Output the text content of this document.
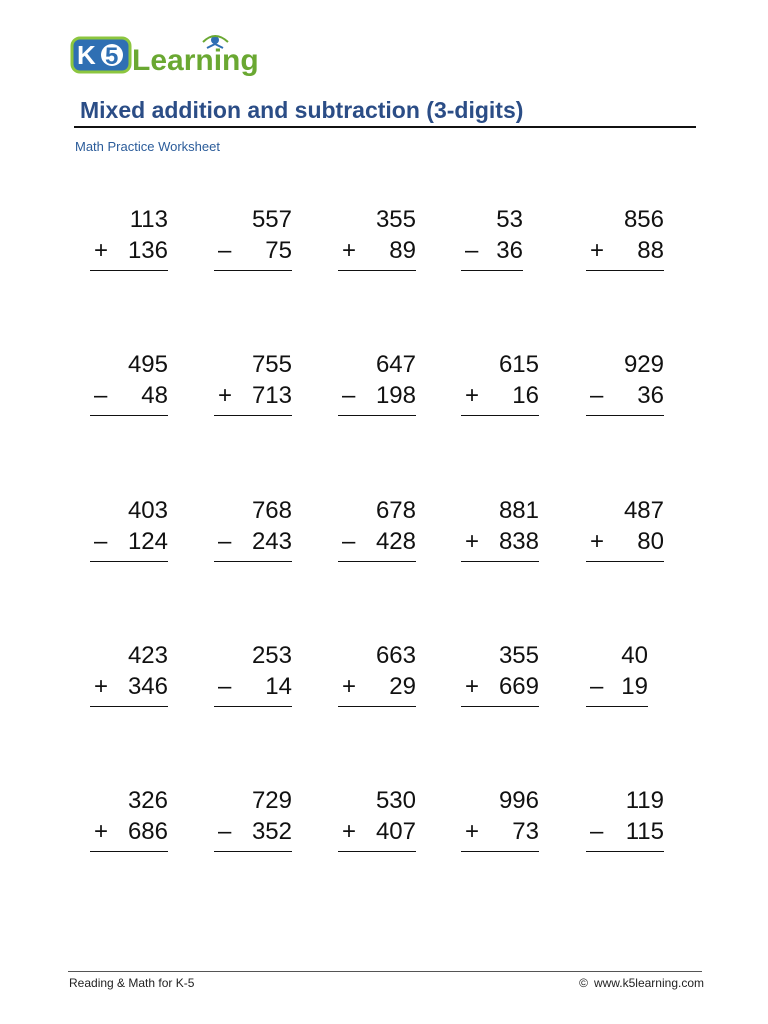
K 5 Learning
Mixed addition and subtraction (3-digits)
Math Practice Worksheet
113
+ 136
557
– 75
355
+ 89
53
– 36
856
+ 88
495
– 48
755
+ 713
647
– 198
615
+ 16
929
– 36
403
– 124
768
– 243
678
– 428
881
+ 838
487
+ 80
423
+ 346
253
– 14
663
+ 29
355
+ 669
40
– 19
326
+ 686
729
– 352
530
+ 407
996
+ 73
119
– 115
Reading & Math for K-5	© www.k5learning.com
